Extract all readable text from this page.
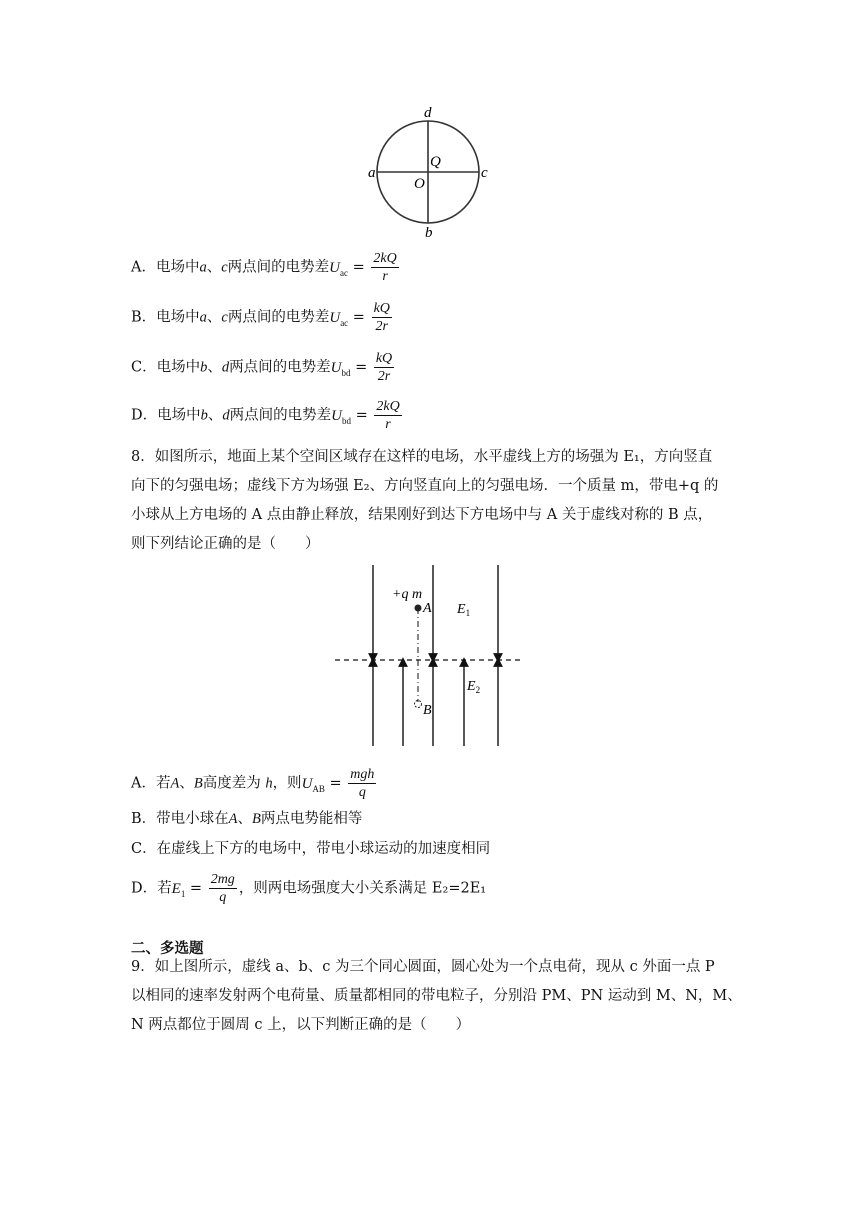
d
b
a	c
Q
O
A．电场中a、c两点间的电势差$U_{ac} = \frac{2kQ}{r}$
B．电场中a、c两点间的电势差$U_{ac} = \frac{kQ}{2r}$
C．电场中b、d两点间的电势差$U_{bd} = \frac{kQ}{2r}$
D．电场中b、d两点间的电势差$U_{bd} = \frac{2kQ}{r}$
8．如图所示，地面上某个空间区域存在这样的电场，水平虚线上方的场强为 E₁，方向竖直
向下的匀强电场；虚线下方为场强 E₂、方向竖直向上的匀强电场．一个质量 m，带电+q 的
小球从上方电场的 A 点由静止释放，结果刚好到达下方电场中与 A 关于虚线对称的 B 点，
则下列结论正确的是（　　）
+q m
A
B
$E_1$
$E_2$
A．若A、B高度差为 h，则$U_{AB} = \frac{\text{mgh}}{q}$
B．带电小球在A、B两点电势能相等
C．在虚线上下方的电场中，带电小球运动的加速度相同
D．若$E_1 = \frac{2mg}{q}$ ，则两电场强度大小关系满足 E₂=2E₁
二、多选题
9．如上图所示，虚线 a、b、c 为三个同心圆面，圆心处为一个点电荷，现从 c 外面一点 P
以相同的速率发射两个电荷量、质量都相同的带电粒子，分别沿 PM、PN 运动到 M、N，M、
N 两点都位于圆周 c 上，以下判断正确的是（　　）
